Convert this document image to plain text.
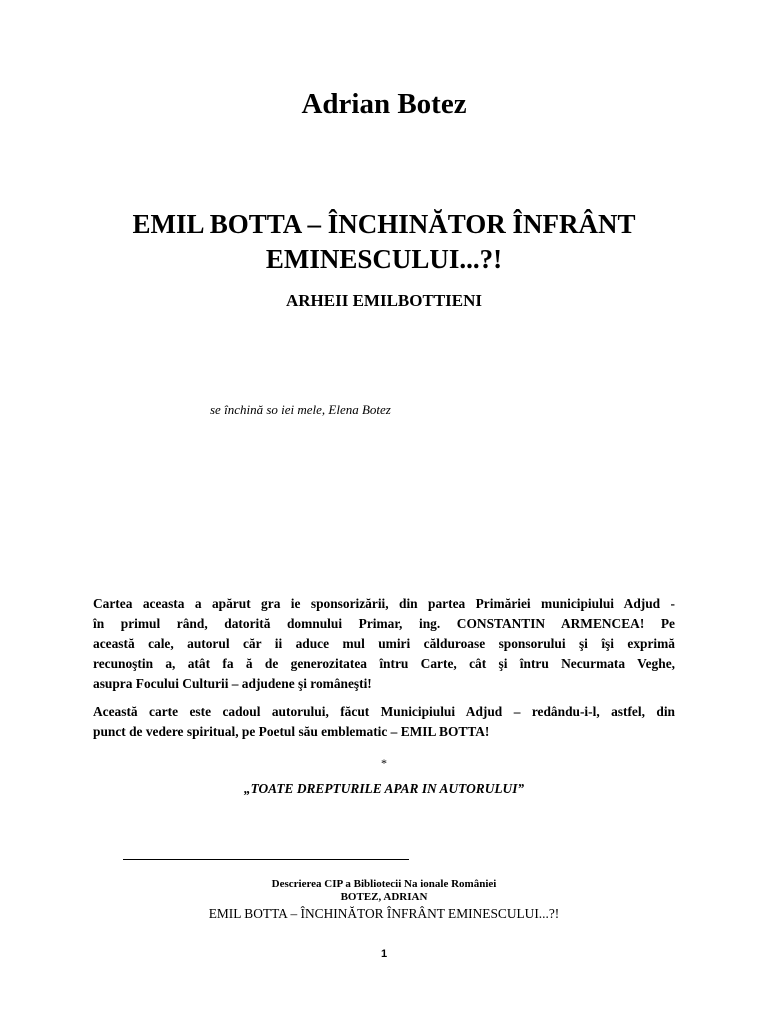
Adrian Botez
EMIL BOTTA – ÎNCHINĂTOR ÎNFRÂNT
EMINESCULUI...?!
ARHEII EMILBOTTIENI
se închină so iei mele, Elena Botez
Cartea aceasta a apărut gra ie sponsorizării, din partea Primăriei municipiului Adjud -
în primul rând, datorită domnului Primar, ing. CONSTANTIN ARMENCEA! Pe
această cale, autorul căr ii aduce mul umiri călduroase sponsorului şi îşi exprimă
recunoştin a, atât fa ă de generozitatea întru Carte, cât şi întru Necurmata Veghe,
asupra Focului Culturii – adjudene şi româneşti!
Această carte este cadoul autorului, făcut Municipiului Adjud – redându-i-l, astfel, din
punct de vedere spiritual, pe Poetul său emblematic – EMIL BOTTA!
*
„TOATE DREPTURILE APAR IN AUTORULUI”
Descrierea CIP a Bibliotecii Na ionale României
BOTEZ, ADRIAN
EMIL BOTTA – ÎNCHINĂTOR ÎNFRÂNT EMINESCULUI...?!
1
